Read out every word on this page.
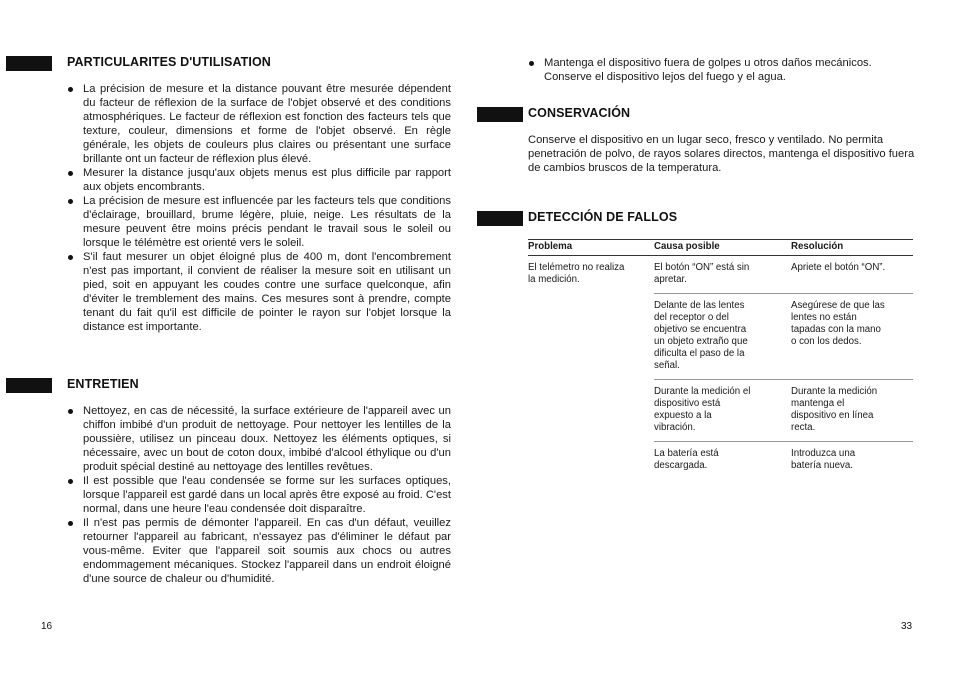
PARTICULARITES D'UTILISATION
La précision de mesure et la distance pouvant être mesurée dépendent du facteur de réflexion de la surface de l'objet observé et des conditions atmosphériques. Le facteur de réflexion est fonction des facteurs tels que texture, couleur, dimensions et forme de l'objet observé. En règle générale, les objets de couleurs plus claires ou présentant une surface brillante ont un facteur de réflexion plus élevé.
Mesurer la distance jusqu'aux objets menus est plus difficile par rapport aux objets encombrants.
La précision de mesure est influencée par les facteurs tels que conditions d'éclairage, brouillard, brume légère, pluie, neige. Les résultats de la mesure peuvent être moins précis pendant le travail sous le soleil ou lorsque le télémètre est orienté vers le soleil.
S'il faut mesurer un objet éloigné plus de 400 m, dont l'encombrement n'est pas important, il convient de réaliser la mesure soit en utilisant un pied, soit en appuyant les coudes contre une surface quelconque, afin d'éviter le tremblement des mains. Ces mesures sont à prendre, compte tenant du fait qu'il est difficile de pointer le rayon sur l'objet lorsque la distance est importante.
ENTRETIEN
Nettoyez, en cas de nécessité, la surface extérieure de l'appareil avec un chiffon imbibé d'un produit de nettoyage. Pour nettoyer les lentilles de la poussière, utilisez un pinceau doux. Nettoyez les éléments optiques, si nécessaire, avec un bout de coton doux, imbibé d'alcool éthylique ou d'un produit spécial destiné au nettoyage des lentilles revêtues.
Il est possible que l'eau condensée se forme sur les surfaces optiques, lorsque l'appareil est gardé dans un local après être exposé au froid. C'est normal, dans une heure l'eau condensée doit disparaître.
Il n'est pas permis de démonter l'appareil. En cas d'un défaut, veuillez retourner l'appareil au fabricant, n'essayez pas d'éliminer le défaut par vous-même. Eviter que l'appareil soit soumis aux chocs ou autres endommagement mécaniques. Stockez l'appareil dans un endroit éloigné d'une source de chaleur ou d'humidité.
16
Mantenga el dispositivo fuera de golpes u otros daños mecánicos. Conserve el dispositivo lejos del fuego y el agua.
CONSERVACIÓN

Conserve el dispositivo en un lugar seco, fresco y ventilado. No permita penetración de polvo, de rayos solares directos, mantenga el dispositivo fuera de cambios bruscos de la temperatura.

DETECCIÓN DE FALLOS
Problema	Causa posible	Resolución
El telémetro no realiza la medición.	El botón “ON” está sin apretar.	Apriete el botón “ON”.
	Delante de las lentes del receptor o del objetivo se encuentra un objeto extraño que dificulta el paso de la señal.	Asegúrese de que las lentes no están tapadas con la mano o con los dedos.
	Durante la medición el dispositivo está expuesto a la vibración.	Durante la medición mantenga el dispositivo en línea recta.
	La batería está descargada.	Introduzca una batería nueva.
33
